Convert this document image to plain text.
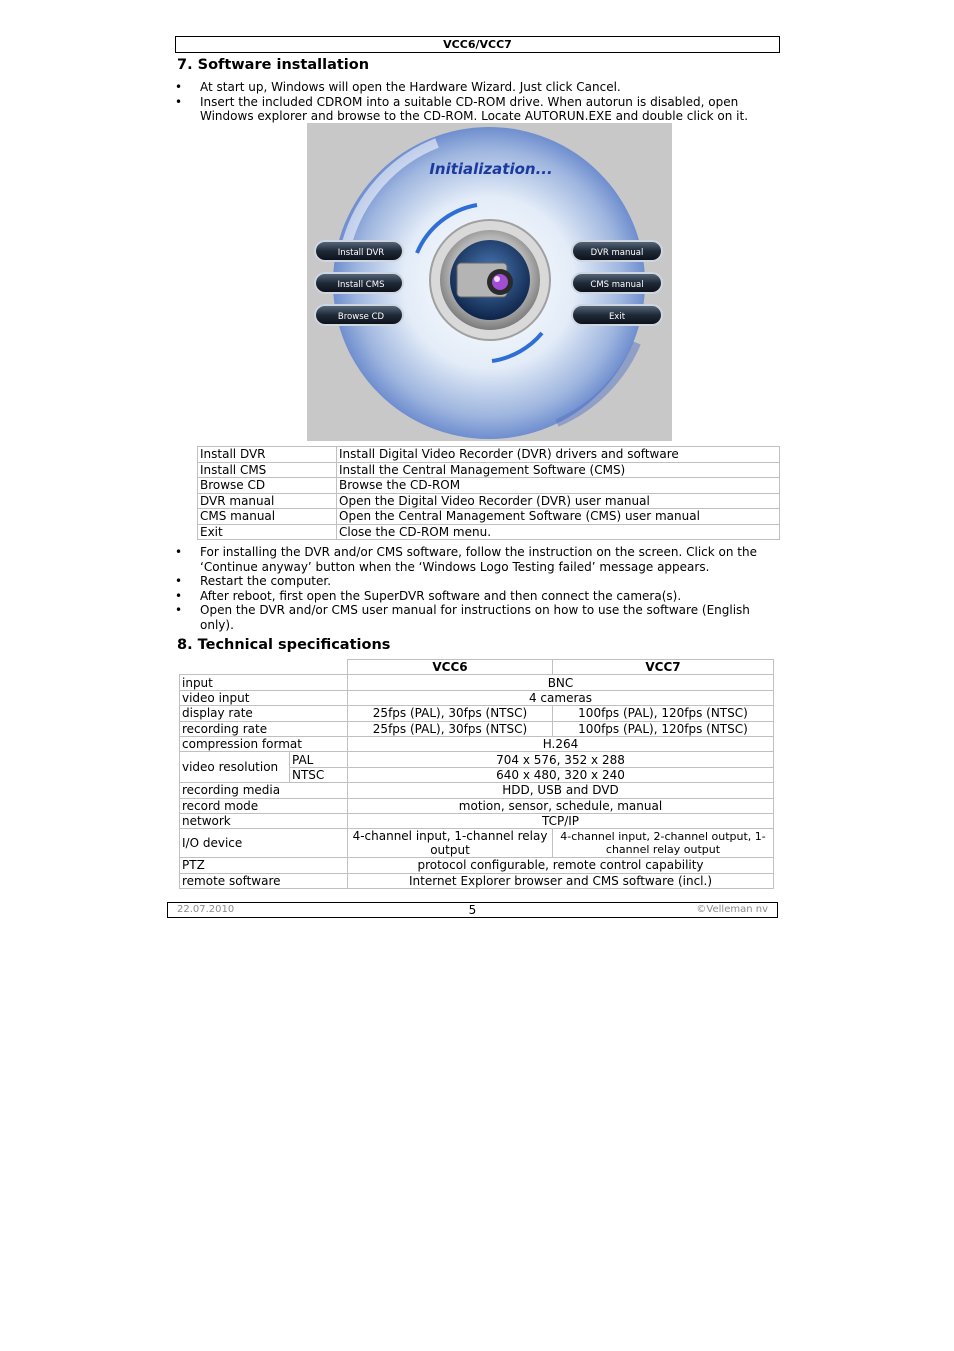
VCC6/VCC7
7. Software installation
• At start up, Windows will open the Hardware Wizard. Just click Cancel.
• Insert the included CDROM into a suitable CD-ROM drive. When autorun is disabled, open Windows explorer and browse to the CD-ROM. Locate AUTORUN.EXE and double click on it.
Initialization...
Install DVR
Install CMS
Browse CD
DVR manual
CMS manual
Exit
Install DVR	Install Digital Video Recorder (DVR) drivers and software
Install CMS	Install the Central Management Software (CMS)
Browse CD	Browse the CD-ROM
DVR manual	Open the Digital Video Recorder (DVR) user manual
CMS manual	Open the Central Management Software (CMS) user manual
Exit	Close the CD-ROM menu.
• For installing the DVR and/or CMS software, follow the instruction on the screen. Click on the ‘Continue anyway’ button when the ‘Windows Logo Testing failed’ message appears.
• Restart the computer.
• After reboot, first open the SuperDVR software and then connect the camera(s).
• Open the DVR and/or CMS user manual for instructions on how to use the software (English only).
8. Technical specifications
		VCC6	VCC7
input		BNC	
video input		4 cameras	
display rate		25fps (PAL), 30fps (NTSC)	100fps (PAL), 120fps (NTSC)
recording rate		25fps (PAL), 30fps (NTSC)	100fps (PAL), 120fps (NTSC)
compression format		H.264	
video resolution	PAL	704 x 576, 352 x 288	
	NTSC	640 x 480, 320 x 240	
recording media		HDD, USB and DVD	
record mode		motion, sensor, schedule, manual	
network		TCP/IP	
I/O device		4-channel input, 1-channel relay output	4-channel input, 2-channel output, 1-channel relay output
PTZ		protocol configurable, remote control capability	
remote software		Internet Explorer browser and CMS software (incl.)	
22.07.2010	5	©Velleman nv
